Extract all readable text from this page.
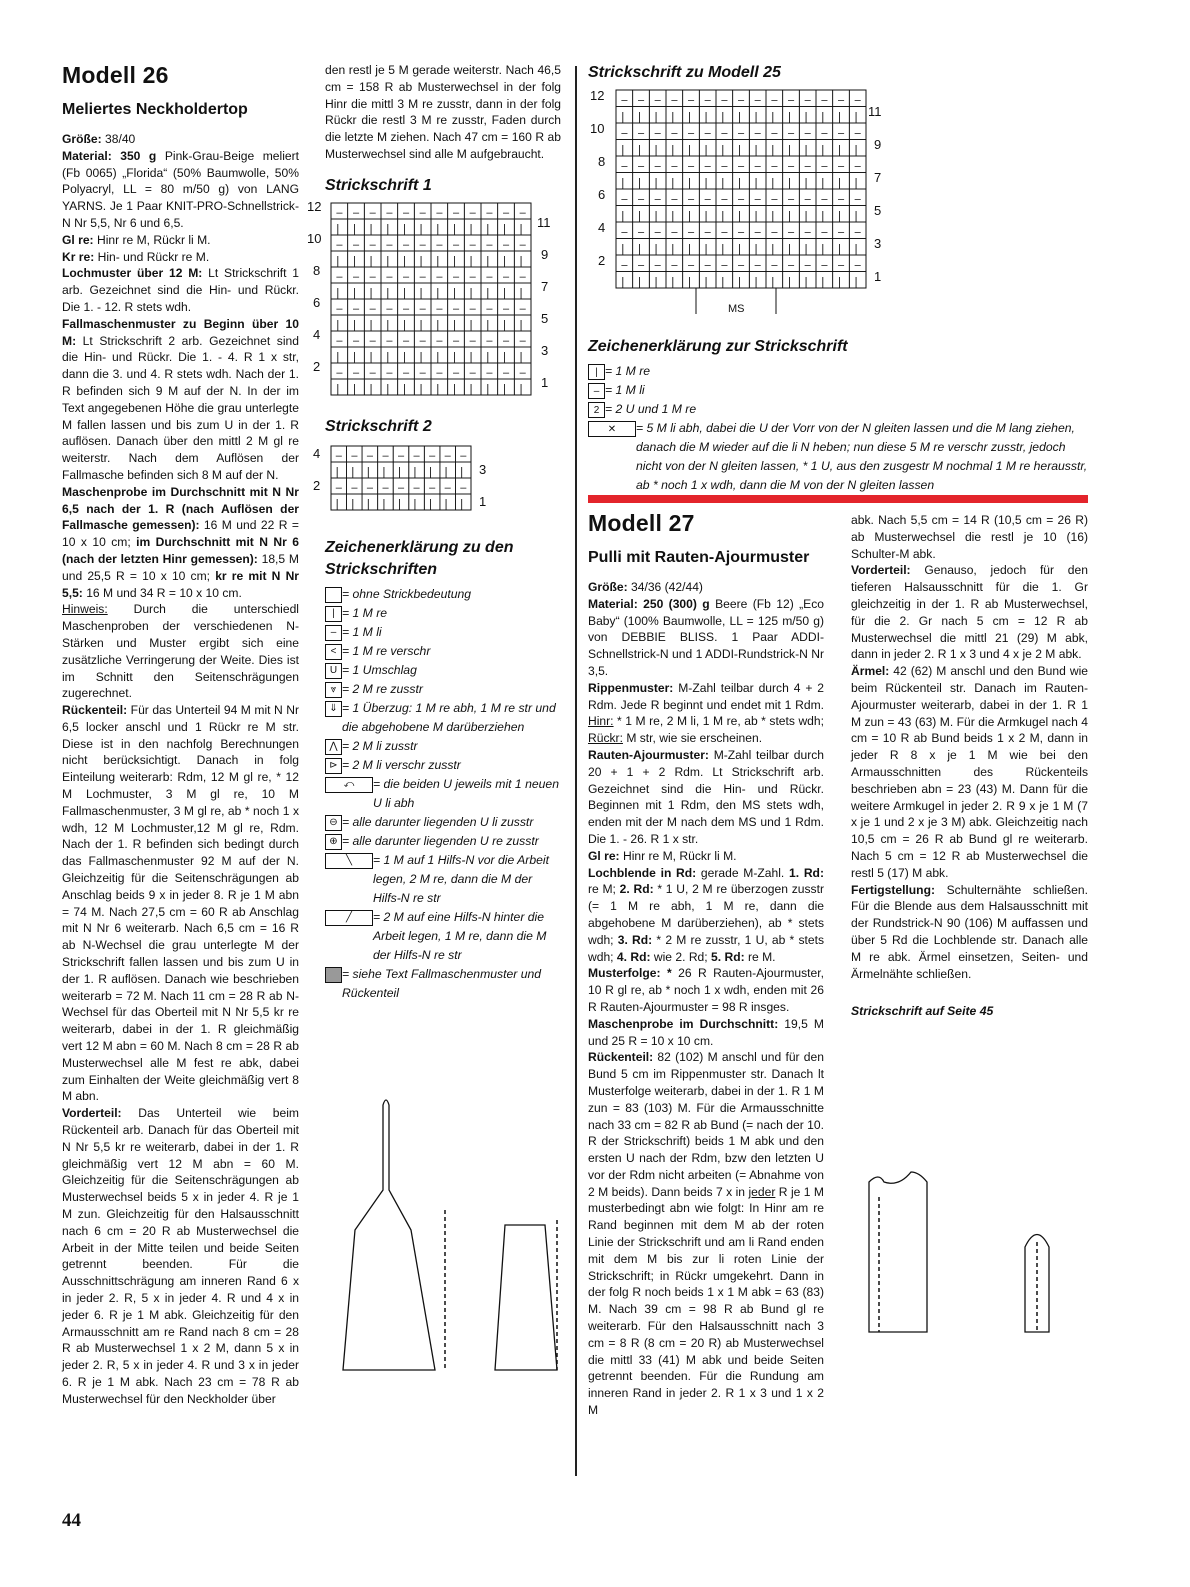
Modell 26
Meliertes Neckholdertop

Größe: 38/40

Material: 350 g Pink-Grau-Beige meliert (Fb 0065) „Florida“ (50% Baumwolle, 50% Polyacryl, LL = 80 m/50 g) von LANG YARNS. Je 1 Paar KNIT-PRO-Schnellstrick-N Nr 5,5, Nr 6 und 6,5.

Gl re: Hinr re M, Rückr li M.

Kr re: Hin- und Rückr re M.

Lochmuster über 12 M: Lt Strickschrift 1 arb. Gezeichnet sind die Hin- und Rückr. Die 1. - 12. R stets wdh.

Fallmaschenmuster zu Beginn über 10 M: Lt Strickschrift 2 arb. Gezeichnet sind die Hin- und Rückr. Die 1. - 4. R 1 x str, dann die 3. und 4. R stets wdh. Nach der 1. R befinden sich 9 M auf der N. In der im Text angegebenen Höhe die grau unterlegte M fallen lassen und bis zum U in der 1. R auflösen. Danach über den mittl 2 M gl re weiterstr. Nach dem Auflösen der Fallmasche befinden sich 8 M auf der N.

Maschenprobe im Durchschnitt mit N Nr 6,5 nach der 1. R (nach Auflösen der Fallmasche gemessen): 16 M und 22 R = 10 x 10 cm; im Durchschnitt mit N Nr 6 (nach der letzten Hinr gemessen): 18,5 M und 25,5 R = 10 x 10 cm; kr re mit N Nr 5,5: 16 M und 34 R = 10 x 10 cm.

Hinweis: Durch die unterschiedl Maschenproben der verschiedenen N-Stärken und Muster ergibt sich eine zusätzliche Verringerung der Weite. Dies ist im Schnitt den Seitenschrägungen zugerechnet.

Rückenteil: Für das Unterteil 94 M mit N Nr 6,5 locker anschl und 1 Rückr re M str. Diese ist in den nachfolg Berechnungen nicht berücksichtigt. Danach in folg Einteilung weiterarb: Rdm, 12 M gl re, * 12 M Lochmuster, 3 M gl re, 10 M Fallmaschenmuster, 3 M gl re, ab * noch 1 x wdh, 12 M Lochmuster,12 M gl re, Rdm. Nach der 1. R befinden sich bedingt durch das Fallmaschenmuster 92 M auf der N. Gleichzeitig für die Seitenschrägungen ab Anschlag beids 9 x in jeder 8. R je 1 M abn = 74 M. Nach 27,5 cm = 60 R ab Anschlag mit N Nr 6 weiterarb. Nach 6,5 cm = 16 R ab N-Wechsel die grau unterlegte M der Strickschrift fallen lassen und bis zum U in der 1. R auflösen. Danach wie beschrieben weiterarb = 72 M. Nach 11 cm = 28 R ab N-Wechsel für das Oberteil mit N Nr 5,5 kr re weiterarb, dabei in der 1. R gleichmäßig vert 12 M abn = 60 M. Nach 8 cm = 28 R ab Musterwechsel alle M fest re abk, dabei zum Einhalten der Weite gleichmäßig vert 8 M abn.

Vorderteil: Das Unterteil wie beim Rückenteil arb. Danach für das Oberteil mit N Nr 5,5 kr re weiterarb, dabei in der 1. R gleichmäßig vert 12 M abn = 60 M. Gleichzeitig für die Seitenschrägungen ab Musterwechsel beids 5 x in jeder 4. R je 1 M zun. Gleichzeitig für den Halsausschnitt nach 6 cm = 20 R ab Musterwechsel die Arbeit in der Mitte teilen und beide Seiten getrennt beenden. Für die Ausschnittschrägung am inneren Rand 6 x in jeder 2. R, 5 x in jeder 4. R und 4 x in jeder 6. R je 1 M abk. Gleichzeitig für den Armausschnitt am re Rand nach 8 cm = 28 R ab Musterwechsel 1 x 2 M, dann 5 x in jeder 2. R, 5 x in jeder 4. R und 3 x in jeder 6. R je 1 M abk. Nach 23 cm = 78 R ab Musterwechsel für den Neckholder über

den restl je 5 M gerade weiterstr. Nach 46,5 cm = 158 R ab Musterwechsel in der folg Hinr die mittl 3 M re zusstr, dann in der folg Rückr die restl 3 M re zusstr, Faden durch die letzte M ziehen. Nach 47 cm = 160 R ab Musterwechsel sind alle M aufgebraucht.
Strickschrift 1
– – – – – – – – – – – –
| | | | | | | | | | | |
– – – – – – – – – – – –
| | | | | | | | | | | |
– – – – – – – – – – – –
| | | | | | | | | | | |
– – – – – – – – – – – –
| | | | | | | | | | | |
– – – – – – – – – – – –
| | | | | | | | | | | |
– – – – – – – – – – – –
| | | | | | | | | | | |
12
10
8
6
4
2
11
9
7
5
3
1
Strickschrift 2
– – – – – – – – –
| | | | | | | | |
– – – – – – – – –
| | | | | | | | |
4
2
3
1
Zeichenerklärung zu den Strickschriften
= ohne Strickbedeutung
| = 1 M re
– = 1 M li
< = 1 M re verschr
U = 1 Umschlag
⩔ = 2 M re zusstr
⇓ = 1 Überzug: 1 M re abh, 1 M re str und die abgehobene M darüberziehen
⋀ = 2 M li zusstr
⊳ = 2 M li verschr zusstr
⤺	= die beiden U jeweils mit 1 neuen U li abh
⊖ = alle darunter liegenden U li zusstr
⊕ = alle darunter liegenden U re zusstr
╲	= 1 M auf 1 Hilfs-N vor die Arbeit legen, 2 M re, dann die M der Hilfs-N re str
╱	= 2 M auf eine Hilfs-N hinter die Arbeit legen, 1 M re, dann die M der Hilfs-N re str
= siehe Text Fallmaschenmuster und Rückenteil
Strickschrift zu Modell 25
– – – – – – – – – – – – – – –
| | | | | | | | | | | | | | |
– – – – – – – – – – – – – – –
| | | | | | | | | | | | | | |
– – – – – – – – – – – – – – –
| | | | | | | | | | | | | | |
– – – – – – – – – – – – – – –
| | | | | | | | | | | | | | |
– – – – – – – – – – – – – – –
| | | | | | | | | | | | | | |
– – – – – – – – – – – – – – –
| | | | | | | | | | | | | | |
MS
12
10
8
6
4
2
11
9
7
5
3
1
Zeichenerklärung zur Strickschrift
| = 1 M re
– = 1 M li
2 = 2 U und 1 M re
✕	= 5 M li abh, dabei die U der Vorr von der N gleiten lassen und die M lang ziehen, danach die M wieder auf die li N heben; nun diese 5 M re verschr zusstr, jedoch nicht von der N gleiten lassen, * 1 U, aus den zusgestr M nochmal 1 M re herausstr, ab * noch 1 x wdh, dann die M von der N gleiten lassen
Modell 27
Pulli mit Rauten-Ajourmuster

Größe: 34/36 (42/44)

Material: 250 (300) g Beere (Fb 12) „Eco Baby“ (100% Baumwolle, LL = 125 m/50 g) von DEBBIE BLISS. 1 Paar ADDI-Schnellstrick-N und 1 ADDI-Rundstrick-N Nr 3,5.

Rippenmuster: M-Zahl teilbar durch 4 + 2 Rdm. Jede R beginnt und endet mit 1 Rdm. Hinr: * 1 M re, 2 M li, 1 M re, ab * stets wdh; Rückr: M str, wie sie erscheinen.

Rauten-Ajourmuster: M-Zahl teilbar durch 20 + 1 + 2 Rdm. Lt Strickschrift arb. Gezeichnet sind die Hin- und Rückr. Beginnen mit 1 Rdm, den MS stets wdh, enden mit der M nach dem MS und 1 Rdm. Die 1. - 26. R 1 x str.

Gl re: Hinr re M, Rückr li M.

Lochblende in Rd: gerade M-Zahl. 1. Rd: re M; 2. Rd: * 1 U, 2 M re überzogen zusstr (= 1 M re abh, 1 M re, dann die abgehobene M darüberziehen), ab * stets wdh; 3. Rd: * 2 M re zusstr, 1 U, ab * stets wdh; 4. Rd: wie 2. Rd; 5. Rd: re M.

Musterfolge: * 26 R Rauten-Ajourmuster, 10 R gl re, ab * noch 1 x wdh, enden mit 26 R Rauten-Ajourmuster = 98 R insges.

Maschenprobe im Durchschnitt: 19,5 M und 25 R = 10 x 10 cm.

Rückenteil: 82 (102) M anschl und für den Bund 5 cm im Rippenmuster str. Danach lt Musterfolge weiterarb, dabei in der 1. R 1 M zun = 83 (103) M. Für die Armausschnitte nach 33 cm = 82 R ab Bund (= nach der 10. R der Strickschrift) beids 1 M abk und den ersten U nach der Rdm, bzw den letzten U vor der Rdm nicht arbeiten (= Abnahme von 2 M beids). Dann beids 7 x in jeder R je 1 M musterbedingt abn wie folgt: In Hinr am re Rand beginnen mit dem M ab der roten Linie der Strickschrift und am li Rand enden mit dem M bis zur li roten Linie der Strickschrift; in Rückr umgekehrt. Dann in der folg R noch beids 1 x 1 M abk = 63 (83) M. Nach 39 cm = 98 R ab Bund gl re weiterarb. Für den Halsausschnitt nach 3 cm = 8 R (8 cm = 20 R) ab Musterwechsel die mittl 33 (41) M abk und beide Seiten getrennt beenden. Für die Rundung am inneren Rand in jeder 2. R 1 x 3 und 1 x 2 M

abk. Nach 5,5 cm = 14 R (10,5 cm = 26 R) ab Musterwechsel die restl je 10 (16) Schulter-M abk.

Vorderteil: Genauso, jedoch für den tieferen Halsausschnitt für die 1. Gr gleichzeitig in der 1. R ab Musterwechsel, für die 2. Gr nach 5 cm = 12 R ab Musterwechsel die mittl 21 (29) M abk, dann in jeder 2. R 1 x 3 und 4 x je 2 M abk.

Ärmel: 42 (62) M anschl und den Bund wie beim Rückenteil str. Danach im Rauten-Ajourmuster weiterarb, dabei in der 1. R 1 M zun = 43 (63) M. Für die Armkugel nach 4 cm = 10 R ab Bund beids 1 x 2 M, dann in jeder R 8 x je 1 M wie bei den Armausschnitten des Rückenteils beschrieben abn = 23 (43) M. Dann für die weitere Armkugel in jeder 2. R 9 x je 1 M (7 x je 1 und 2 x je 3 M) abk. Gleichzeitig nach 10,5 cm = 26 R ab Bund gl re weiterarb. Nach 5 cm = 12 R ab Musterwechsel die restl 5 (17) M abk.

Fertigstellung: Schulternähte schließen. Für die Blende aus dem Halsausschnitt mit der Rundstrick-N 90 (106) M auffassen und über 5 Rd die Lochblende str. Danach alle M re abk. Ärmel einsetzen, Seiten- und Ärmelnähte schließen.

Strickschrift auf Seite 45
44
